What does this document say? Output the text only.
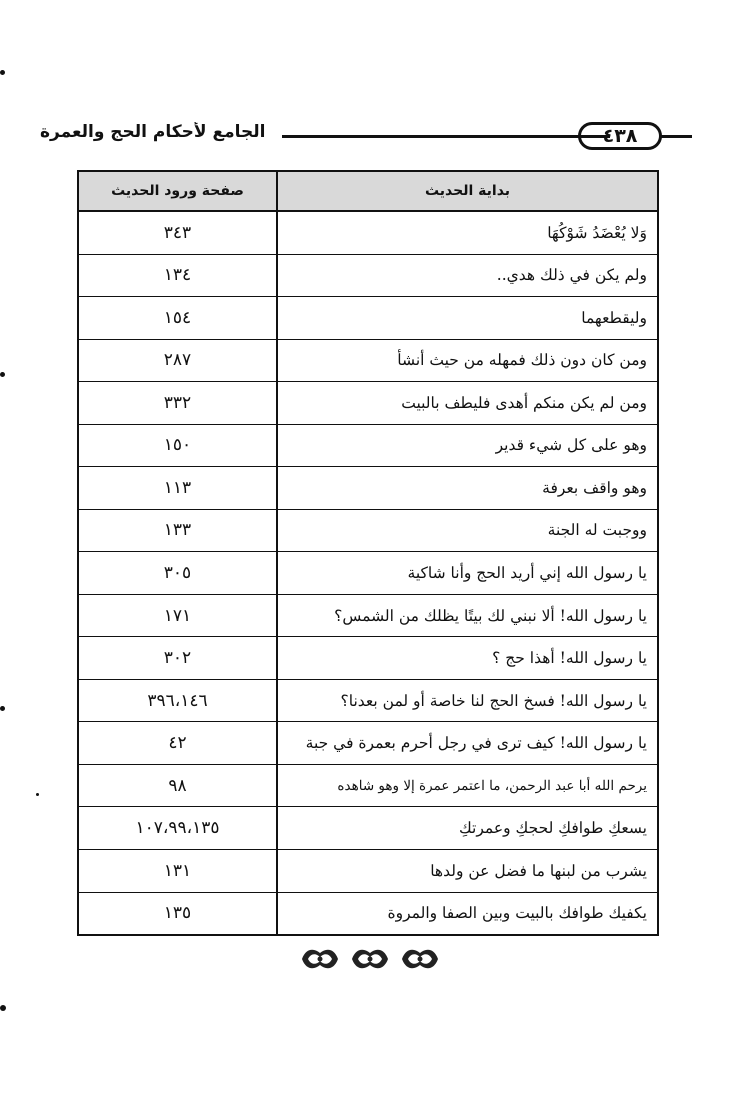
الجامع لأحكام الحج والعمرة	٤٣٨
بداية الحديث
صفحة ورود الحديث
وَلا يُعْضَدُ شَوْكُهَا
٣٤٣
ولم يكن في ذلك هدي..
١٣٤
وليقطعهما
١٥٤
ومن كان دون ذلك فمهله من حيث أنشأ
٢٨٧
ومن لم يكن منكم أهدى فليطف بالبيت
٣٣٢
وهو على كل شيء قدير
١٥٠
وهو واقف بعرفة
١١٣
ووجبت له الجنة
١٣٣
يا رسول الله إني أريد الحج وأنا شاكية
٣٠٥
يا رسول الله! ألا نبني لك بيتًا يظلك من الشمس؟
١٧١
يا رسول الله! أهذا حج ؟
٣٠٢
يا رسول الله! فسخ الحج لنا خاصة أو لمن بعدنا؟
٣٩٦،١٤٦
يا رسول الله! كيف ترى في رجل أحرم بعمرة في جبة
٤٢
يرحم الله أبا عبد الرحمن، ما اعتمر عمرة إلا وهو شاهده
٩٨
يسعكِ طوافكِ لحجكِ وعمرتكِ
١٠٧،٩٩،١٣٥
يشرب من لبنها ما فضل عن ولدها
١٣١
يكفيك طوافك بالبيت وبين الصفا والمروة
١٣٥
